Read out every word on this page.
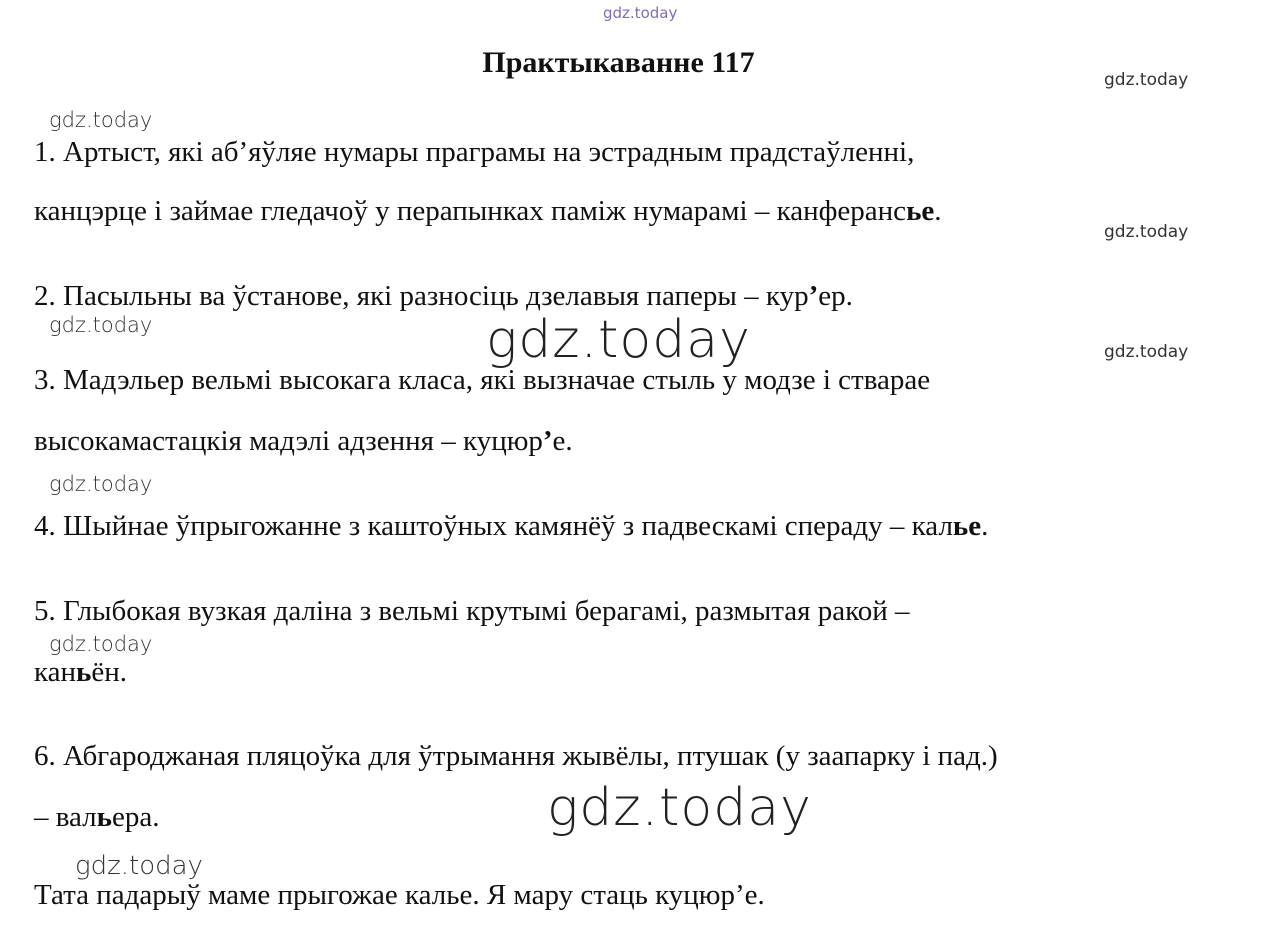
gdz.today
gdz.today
gdz.today
gdz.today
gdz.today	gdz.today	gdz.today
gdz.today
gdz.today
gdz.today
gdz.today
Практыкаванне 117
1. Артыст, які аб’яўляе нумары праграмы на эстрадным прадстаўленні,
канцэрце і займае гледачоў у перапынках паміж нумарамі – канферансье.
2. Пасыльны ва ўстанове, які разносіць дзелавыя паперы – кур’ер.
3. Мадэльер вельмі высокага класа, які вызначае стыль у модзе і стварае
высокамастацкія мадэлі адзення – куцюр’е.
4. Шыйнае ўпрыгожанне з каштоўных камянёў з падвескамі спераду – калье.
5. Глыбокая вузкая даліна з вельмі крутымі берагамі, размытая ракой –
каньён.
6. Абгароджаная пляцоўка для ўтрымання жывёлы, птушак (у заапарку і пад.)
– вальера.
Тата падарыў маме прыгожае калье. Я мару стаць куцюр’е.
